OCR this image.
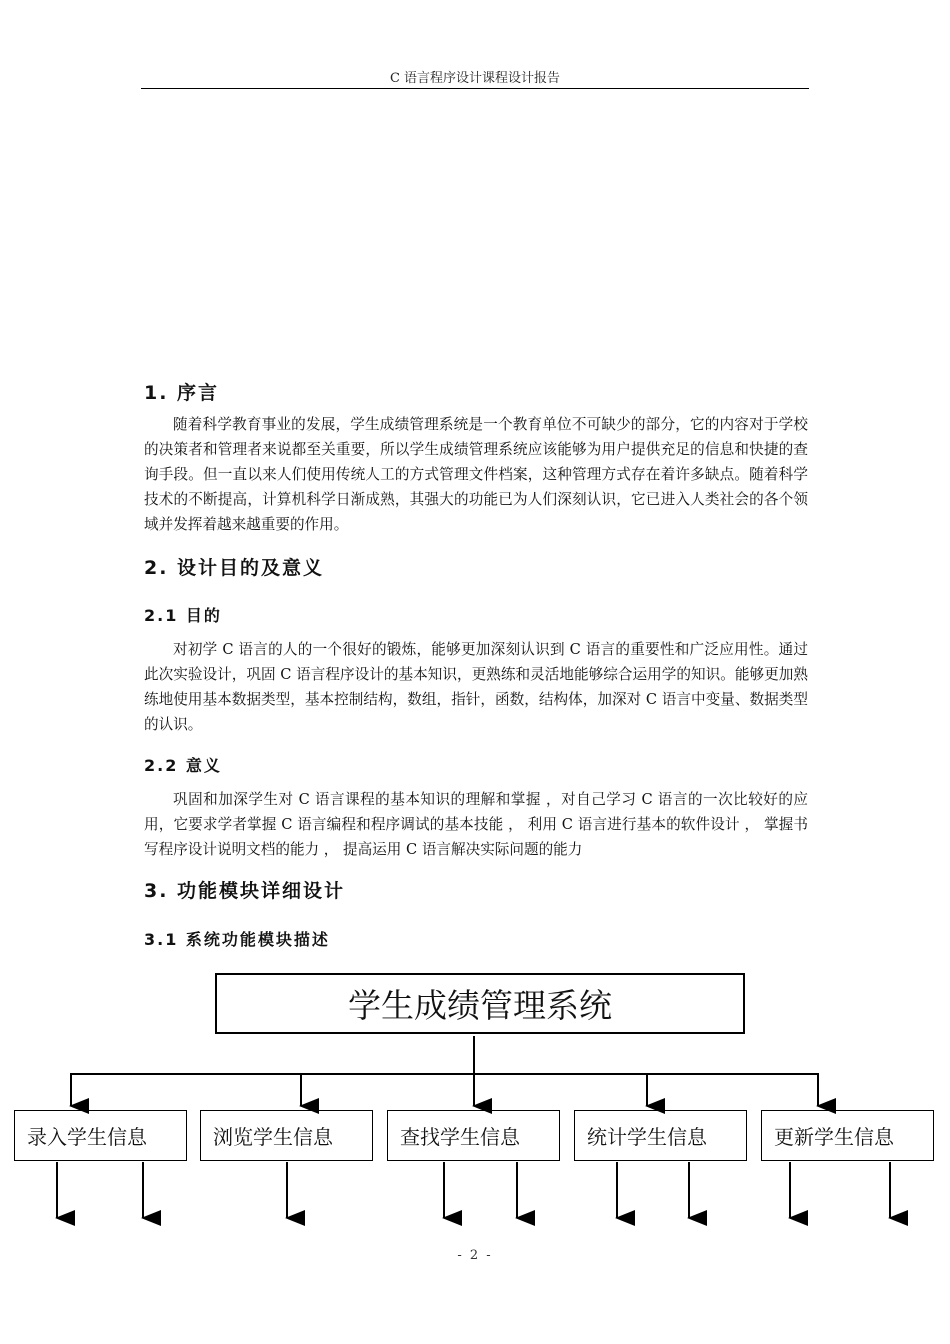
C 语言程序设计课程设计报告
1. 序言

随着科学教育事业的发展，学生成绩管理系统是一个教育单位不可缺少的部分，它的内容对于学校的决策者和管理者来说都至关重要，所以学生成绩管理系统应该能够为用户提供充足的信息和快捷的查询手段。但一直以来人们使用传统人工的方式管理文件档案，这种管理方式存在着许多缺点。随着科学技术的不断提高，计算机科学日渐成熟，其强大的功能已为人们深刻认识，它已进入人类社会的各个领域并发挥着越来越重要的作用。

2. 设计目的及意义
2.1 目的

对初学 C 语言的人的一个很好的锻炼，能够更加深刻认识到 C 语言的重要性和广泛应用性。通过此次实验设计，巩固 C 语言程序设计的基本知识，更熟练和灵活地能够综合运用学的知识。能够更加熟练地使用基本数据类型，基本控制结构，数组，指针，函数，结构体，加深对 C 语言中变量、数据类型的认识。

2.2 意义

巩固和加深学生对 C 语言课程的基本知识的理解和掌握 ，对自己学习 C 语言的一次比较好的应用，它要求学者掌握 C 语言编程和程序调试的基本技能 ， 利用 C 语言进行基本的软件设计 ， 掌握书写程序设计说明文档的能力 ， 提高运用 C 语言解决实际问题的能力

3. 功能模块详细设计
3.1 系统功能模块描述
学生成绩管理系统
录入学生信息	浏览学生信息	查找学生信息	统计学生信息	更新学生信息
- 2 -
